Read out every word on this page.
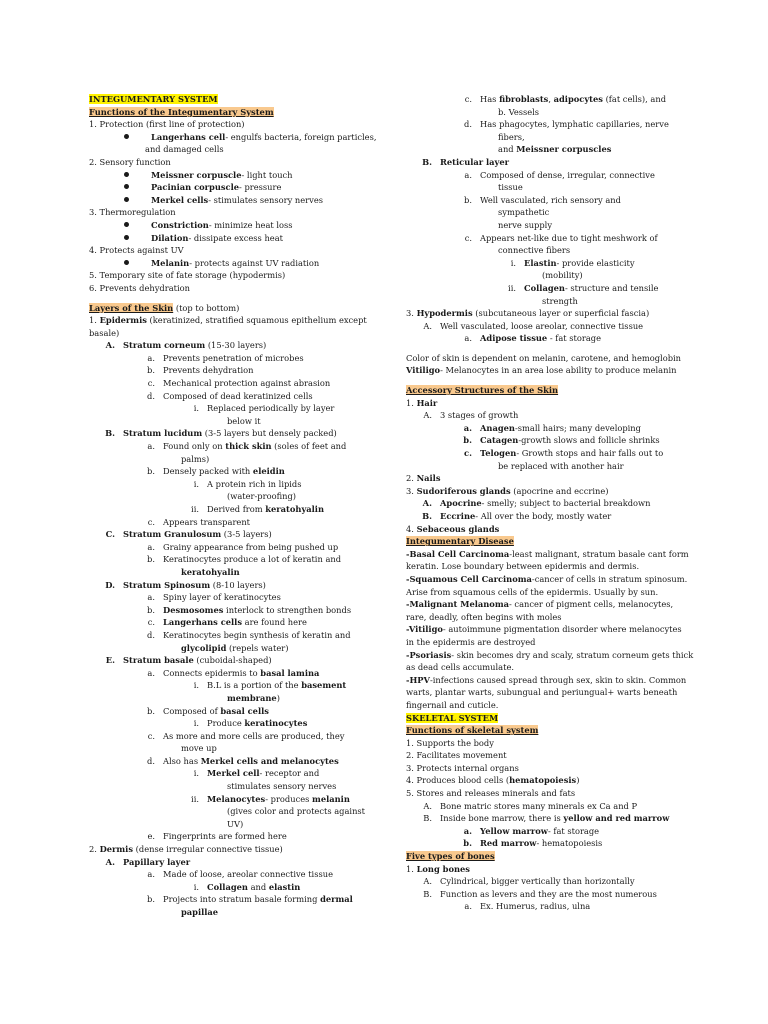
INTEGUMENTARY SYSTEM
Functions of the Integumentary System
1. Protection (first line of protection)
Langerhans cell- engulfs bacteria, foreign particles,
and damaged cells
2. Sensory function
Meissner corpuscle- light touch
Pacinian corpuscle- pressure
Merkel cells- stimulates sensory nerves
3. Thermoregulation
Constriction- minimize heat loss
Dilation- dissipate excess heat
4. Protects against UV
Melanin- protects against UV radiation
5. Temporary site of fate storage (hypodermis)
6. Prevents dehydration
Layers of the Skin (top to bottom)
1. Epidermis (keratinized, stratified squamous epithelium except
basale)
A. Stratum corneum (15-30 layers)
a. Prevents penetration of microbes
b. Prevents dehydration
c. Mechanical protection against abrasion
d. Composed of dead keratinized cells
i. Replaced periodically by layer
below it
B. Stratum lucidum (3-5 layers but densely packed)
a. Found only on thick skin (soles of feet and
palms)
b. Densely packed with eleidin
i. A protein rich in lipids
(water-proofing)
ii. Derived from keratohyalin
c. Appears transparent
C. Stratum Granulosum (3-5 layers)
a. Grainy appearance from being pushed up
b. Keratinocytes produce a lot of keratin and
keratohyalin
D. Stratum Spinosum (8-10 layers)
a. Spiny layer of keratinocytes
b. Desmosomes interlock to strengthen bonds
c. Langerhans cells are found here
d. Keratinocytes begin synthesis of keratin and
glycolipid (repels water)
E. Stratum basale (cuboidal-shaped)
a. Connects epidermis to basal lamina
i. B.L is a portion of the basement
membrane)
b. Composed of basal cells
i. Produce keratinocytes
c. As more and more cells are produced, they
move up
d. Also has Merkel cells and melanocytes
i. Merkel cell- receptor and
stimulates sensory nerves
ii. Melanocytes- produces melanin
(gives color and protects against
UV)
e. Fingerprints are formed here
2. Dermis (dense irregular connective tissue)
A. Papillary layer
a. Made of loose, areolar connective tissue
i. Collagen and elastin
b. Projects into stratum basale forming dermal
papillae
c. Has fibroblasts, adipocytes (fat cells), and
b. Vessels
d. Has phagocytes, lymphatic capillaries, nerve
fibers,
and Meissner corpuscles
B. Reticular layer
a. Composed of dense, irregular, connective
tissue
b. Well vasculated, rich sensory and
sympathetic
nerve supply
c. Appears net-like due to tight meshwork of
connective fibers
i. Elastin- provide elasticity
(mobility)
ii. Collagen- structure and tensile
strength
3. Hypodermis (subcutaneous layer or superficial fascia)
A. Well vasculated, loose areolar, connective tissue
a. Adipose tissue - fat storage
Color of skin is dependent on melanin, carotene, and hemoglobin
Vitiligo- Melanocytes in an area lose ability to produce melanin
Accessory Structures of the Skin
1. Hair
A. 3 stages of growth
a. Anagen-small hairs; many developing
b. Catagen-growth slows and follicle shrinks
c. Telogen- Growth stops and hair falls out to
be replaced with another hair
2. Nails
3. Sudoriferous glands (apocrine and eccrine)
A. Apocrine- smelly; subject to bacterial breakdown
B. Eccrine- All over the body, mostly water
4. Sebaceous glands
Integumentary Disease
-Basal Cell Carcinoma-least malignant, stratum basale cant form
keratin. Lose boundary between epidermis and dermis.
-Squamous Cell Carcinoma-cancer of cells in stratum spinosum.
Arise from squamous cells of the epidermis. Usually by sun.
-Malignant Melanoma- cancer of pigment cells, melanocytes,
rare, deadly, often begins with moles
-Vitiligo- autoimmune pigmentation disorder where melanocytes
in the epidermis are destroyed
-Psoriasis- skin becomes dry and scaly, stratum corneum gets thick
as dead cells accumulate.
-HPV-infections caused spread through sex, skin to skin. Common
warts, plantar warts, subungual and periungual+ warts beneath
fingernail and cuticle.
SKELETAL SYSTEM
Functions of skeletal system
1. Supports the body
2. Facilitates movement
3. Protects internal organs
4. Produces blood cells (hematopoiesis)
5. Stores and releases minerals and fats
A. Bone matric stores many minerals ex Ca and P
B. Inside bone marrow, there is yellow and red marrow
a. Yellow marrow- fat storage
b. Red marrow- hematopoiesis
Five types of bones
1. Long bones
A. Cylindrical, bigger vertically than horizontally
B. Function as levers and they are the most numerous
a. Ex. Humerus, radius, ulna
